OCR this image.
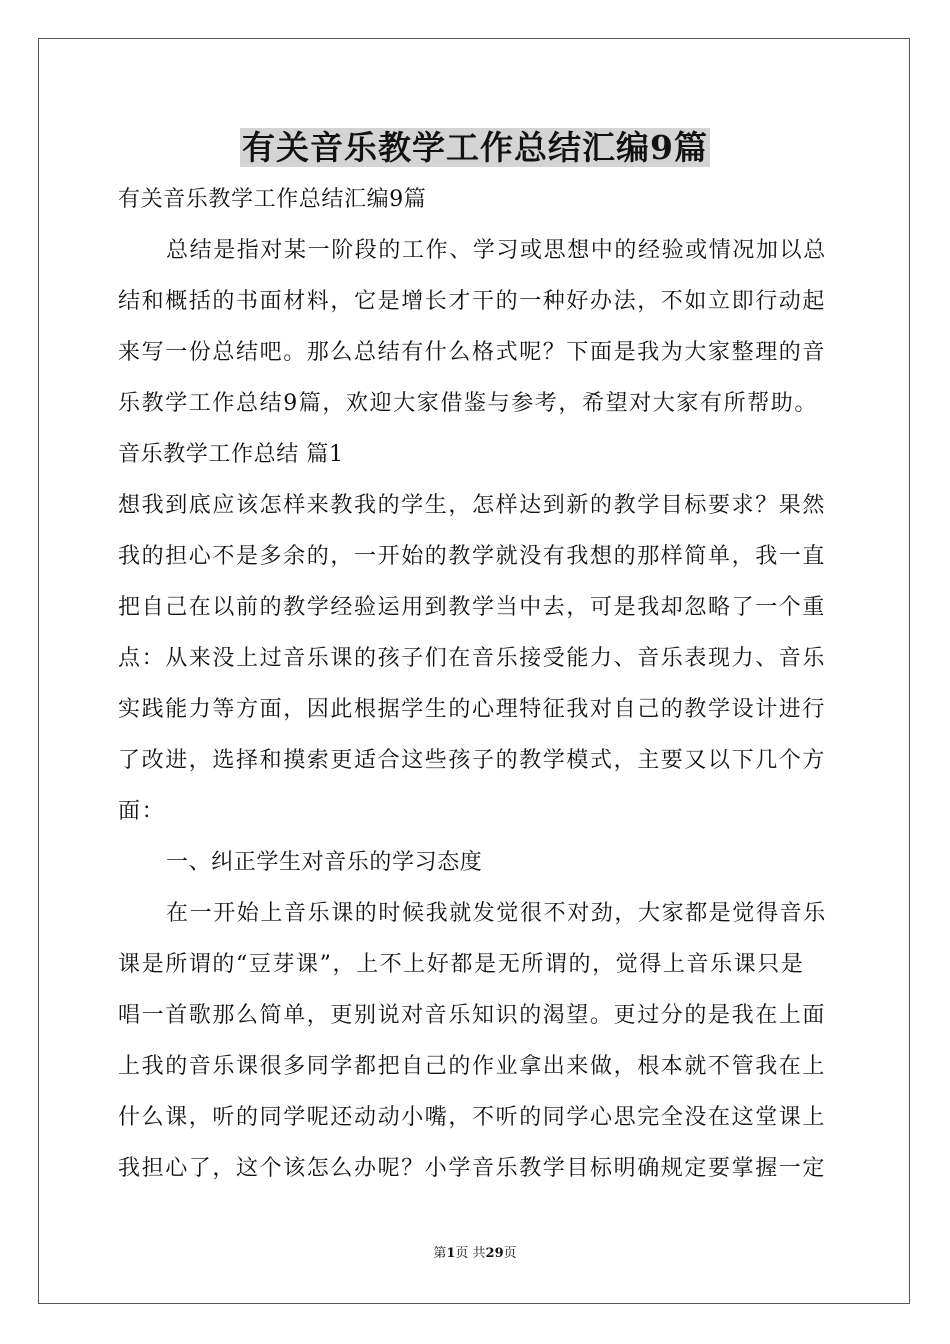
有关音乐教学工作总结汇编9篇
有关音乐教学工作总结汇编9篇
总结是指对某一阶段的工作、学习或思想中的经验或情况加以总
结和概括的书面材料，它是增长才干的一种好办法，不如立即行动起
来写一份总结吧。那么总结有什么格式呢？下面是我为大家整理的音
乐教学工作总结9篇，欢迎大家借鉴与参考，希望对大家有所帮助。
音乐教学工作总结 篇1
想我到底应该怎样来教我的学生，怎样达到新的教学目标要求？果然
我的担心不是多余的，一开始的教学就没有我想的那样简单，我一直
把自己在以前的教学经验运用到教学当中去，可是我却忽略了一个重
点：从来没上过音乐课的孩子们在音乐接受能力、音乐表现力、音乐
实践能力等方面，因此根据学生的心理特征我对自己的教学设计进行
了改进，选择和摸索更适合这些孩子的教学模式，主要又以下几个方
面：
一、纠正学生对音乐的学习态度
在一开始上音乐课的时候我就发觉很不对劲，大家都是觉得音乐
课是所谓的“豆芽课”，上不上好都是无所谓的，觉得上音乐课只是
唱一首歌那么简单，更别说对音乐知识的渴望。更过分的是我在上面
上我的音乐课很多同学都把自己的作业拿出来做，根本就不管我在上
什么课，听的同学呢还动动小嘴，不听的同学心思完全没在这堂课上
我担心了，这个该怎么办呢？小学音乐教学目标明确规定要掌握一定
第1页 共29页
